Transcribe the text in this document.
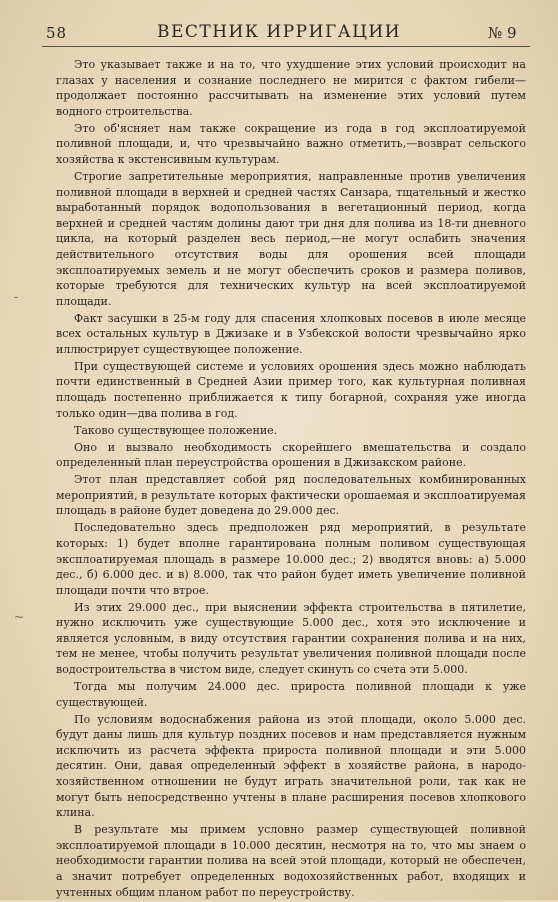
58	ВЕСТНИК ИРРИГАЦИИ	№ 9
-
~

Это указывает также и на то, что ухудшение этих условий происходит на глазах у населения и сознание последнего не мирится с фактом гибели—продолжает постоянно рассчитывать на изменение этих условий путем водного строительства.

Это об'ясняет нам также сокращение из года в год эксплоатируемой поливной площади, и, что чрезвычайно важно отметить,—возврат сельского хозяйства к экстенсивным культурам.

Строгие запретительные мероприятия, направленные против увеличения поливной площади в верхней и средней частях Санзара, тщательный и жестко выработанный порядок водопользования в вегетационный период, когда верхней и средней частям долины дают три дня для полива из 18-ти дневного цикла, на который разделен весь период,—не могут ослабить значения действительного отсутствия воды для орошения всей площади эксплоатируемых земель и не могут обеспечить сроков и размера поливов, которые требуются для технических культур на всей эксплоатируемой площади.

Факт засушки в 25-м году для спасения хлопковых посевов в июле месяце всех остальных культур в Джизаке и в Узбекской волости чрезвычайно ярко иллюстрирует существующее положение.

При существующей системе и условиях орошения здесь можно наблюдать почти единственный в Средней Азии пример того, как культурная поливная площадь постепенно приближается к типу богарной, сохраняя уже иногда только один—два полива в год.

Таково существующее положение.

Оно и вызвало необходимость скорейшего вмешательства и создало определенный план переустройства орошения в Джизакском районе.

Этот план представляет собой ряд последовательных комбинированных мероприятий, в результате которых фактически орошаемая и эксплоатируемая площадь в районе будет доведена до 29.000 дес.

Последовательно здесь предположен ряд мероприятий, в результате которых: 1) будет вполне гарантирована полным поливом существующая эксплоатируемая площадь в размере 10.000 дес.; 2) вводятся вновь: а) 5.000 дес., б) 6.000 дес. и в) 8.000, так что район будет иметь увеличение поливной площади почти что втрое.

Из этих 29.000 дес., при выяснении эффекта строительства в пятилетие, нужно исключить уже существующие 5.000 дес., хотя это исключение и является условным, в виду отсутствия гарантии сохранения полива и на них, тем не менее, чтобы получить результат увеличения поливной площади после водостроительства в чистом виде, следует скинуть со счета эти 5.000.

Тогда мы получим 24.000 дес. прироста поливной площади к уже существующей.

По условиям водоснабжения района из этой площади, около 5.000 дес. будут даны лишь для культур поздних посевов и нам представляется нужным исключить из расчета эффекта прироста поливной площади и эти 5.000 десятин. Они, давая определенный эффект в хозяйстве района, в народо-хозяйственном отношении не будут играть значительной роли, так как не могут быть непосредственно учтены в плане расширения посевов хлопкового клина.

В результате мы примем условно размер существующей поливной эксплоатируемой площади в 10.000 десятин, несмотря на то, что мы знаем о необходимости гарантии полива на всей этой площади, который не обеспечен, а значит потребует определенных водохозяйственных работ, входящих и учтенных общим планом работ по переустройству.
